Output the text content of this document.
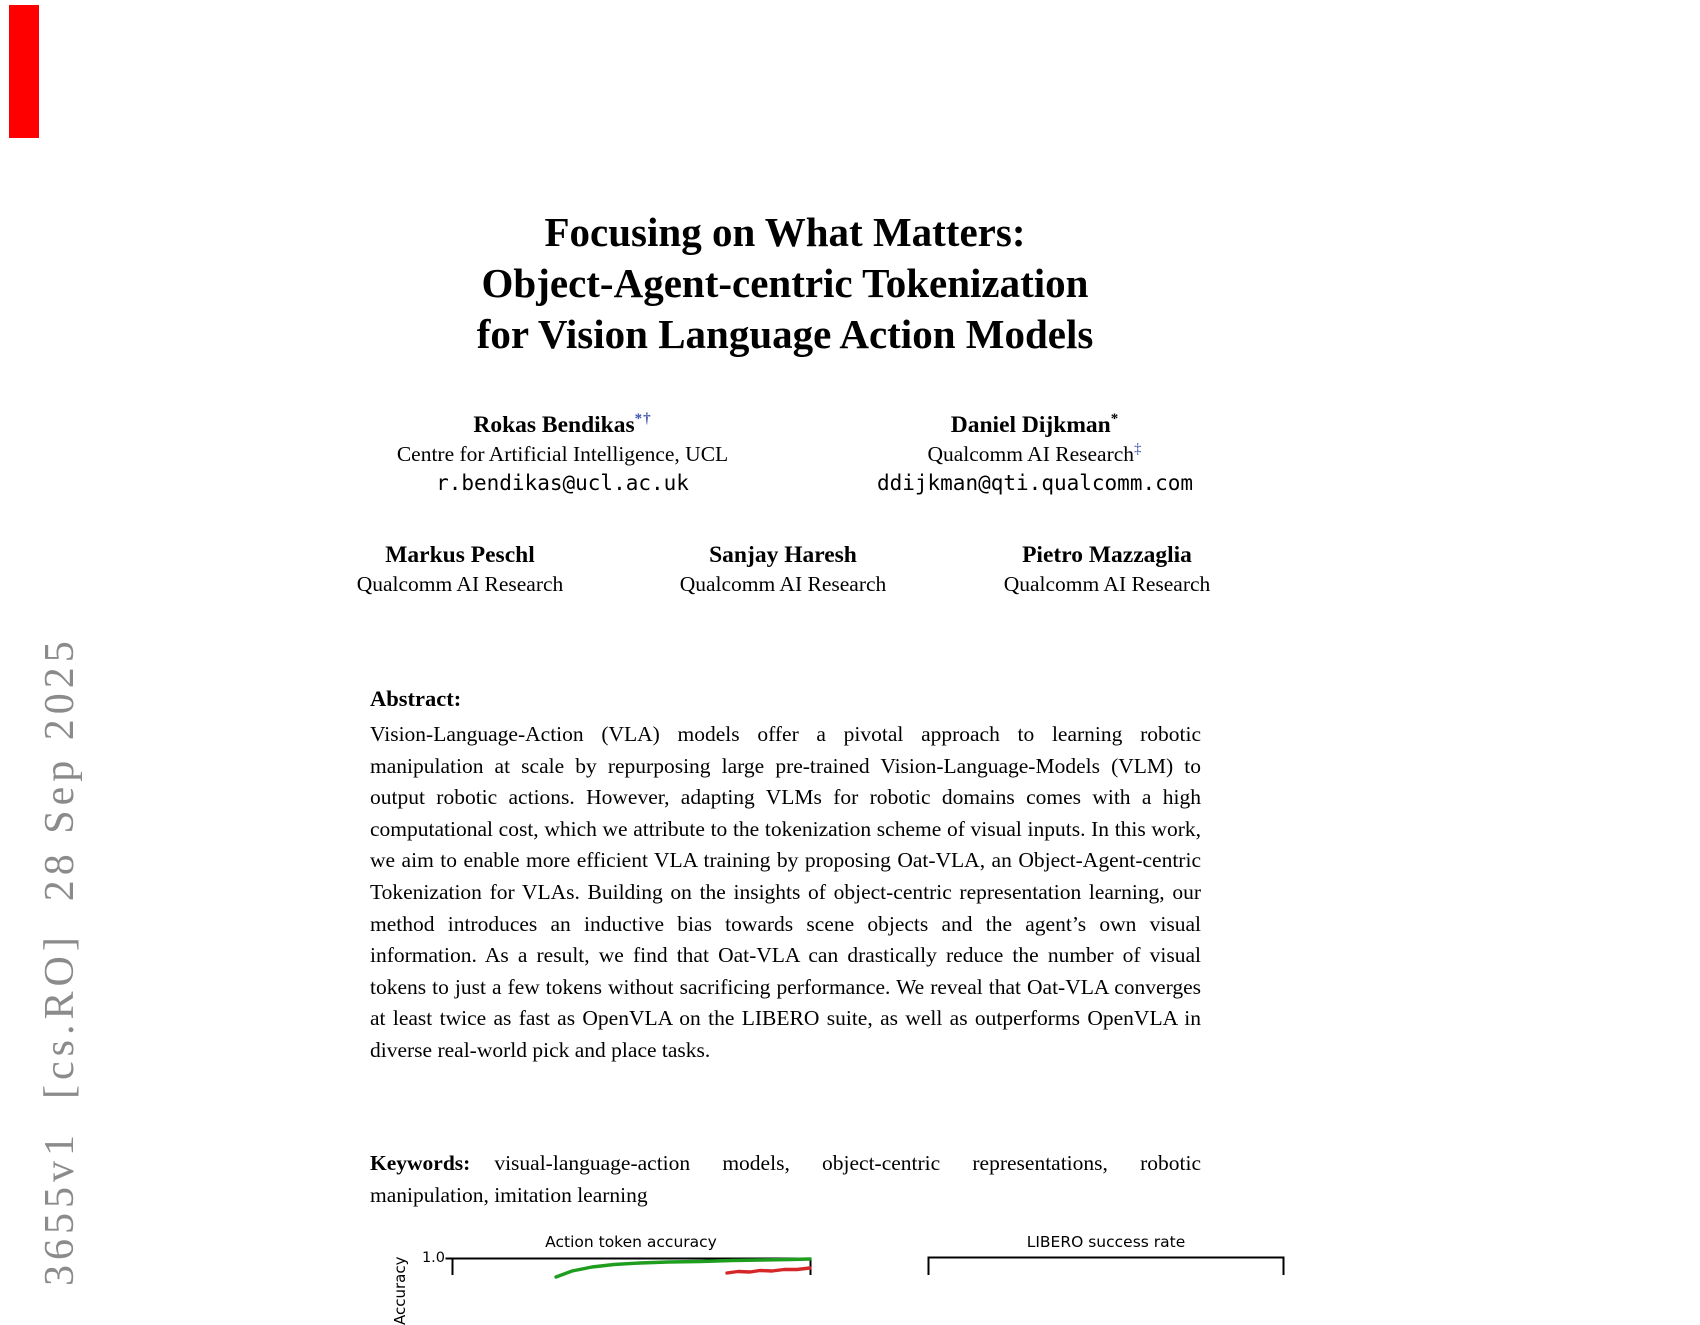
3655v1  [cs.RO]  28 Sep 2025
Focusing on What Matters:
Object-Agent-centric Tokenization
for Vision Language Action Models
Rokas Bendikas*†
Centre for Artificial Intelligence, UCL
r.bendikas@ucl.ac.uk
Daniel Dijkman*
Qualcomm AI Research‡
ddijkman@qti.qualcomm.com
Markus Peschl
Qualcomm AI Research
Sanjay Haresh
Qualcomm AI Research
Pietro Mazzaglia
Qualcomm AI Research
Abstract:
Vision-Language-Action (VLA) models offer a pivotal approach to learning robotic manipulation at scale by repurposing large pre-trained Vision-Language-Models (VLM) to output robotic actions. However, adapting VLMs for robotic domains comes with a high computational cost, which we attribute to the tokenization scheme of visual inputs. In this work, we aim to enable more efficient VLA training by proposing Oat-VLA, an Object-Agent-centric Tokenization for VLAs. Building on the insights of object-centric representation learning, our method introduces an inductive bias towards scene objects and the agent’s own visual information. As a result, we find that Oat-VLA can drastically reduce the number of visual tokens to just a few tokens without sacrificing performance. We reveal that Oat-VLA converges at least twice as fast as OpenVLA on the LIBERO suite, as well as outperforms OpenVLA in diverse real-world pick and place tasks.
Keywords: visual-language-action models, object-centric representations, robotic manipulation, imitation learning
Action token accuracy	LIBERO success rate
1.0
Accuracy
